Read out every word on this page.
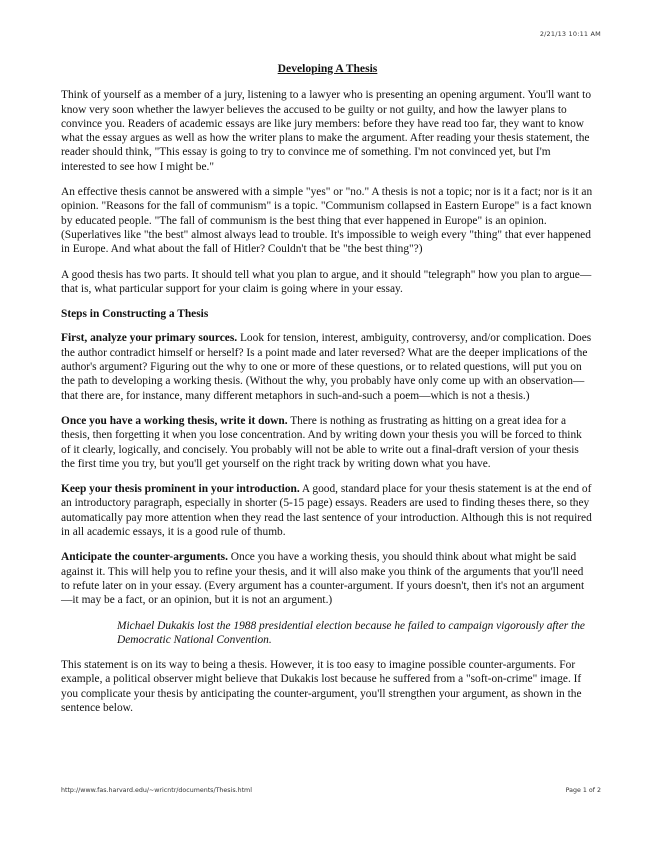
2/21/13 10:11 AM
Developing A Thesis

Think of yourself as a member of a jury, listening to a lawyer who is presenting an opening argument. You'll want to know very soon whether the lawyer believes the accused to be guilty or not guilty, and how the lawyer plans to convince you. Readers of academic essays are like jury members: before they have read too far, they want to know what the essay argues as well as how the writer plans to make the argument. After reading your thesis statement, the reader should think, "This essay is going to try to convince me of something. I'm not convinced yet, but I'm interested to see how I might be."

An effective thesis cannot be answered with a simple "yes" or "no." A thesis is not a topic; nor is it a fact; nor is it an opinion. "Reasons for the fall of communism" is a topic. "Communism collapsed in Eastern Europe" is a fact known by educated people. "The fall of communism is the best thing that ever happened in Europe" is an opinion. (Superlatives like "the best" almost always lead to trouble. It's impossible to weigh every "thing" that ever happened in Europe. And what about the fall of Hitler? Couldn't that be "the best thing"?)

A good thesis has two parts. It should tell what you plan to argue, and it should "telegraph" how you plan to argue—that is, what particular support for your claim is going where in your essay.

Steps in Constructing a Thesis

First, analyze your primary sources. Look for tension, interest, ambiguity, controversy, and/or complication. Does the author contradict himself or herself? Is a point made and later reversed? What are the deeper implications of the author's argument? Figuring out the why to one or more of these questions, or to related questions, will put you on the path to developing a working thesis. (Without the why, you probably have only come up with an observation—that there are, for instance, many different metaphors in such-and-such a poem—which is not a thesis.)

Once you have a working thesis, write it down. There is nothing as frustrating as hitting on a great idea for a thesis, then forgetting it when you lose concentration. And by writing down your thesis you will be forced to think of it clearly, logically, and concisely. You probably will not be able to write out a final-draft version of your thesis the first time you try, but you'll get yourself on the right track by writing down what you have.

Keep your thesis prominent in your introduction. A good, standard place for your thesis statement is at the end of an introductory paragraph, especially in shorter (5-15 page) essays. Readers are used to finding theses there, so they automatically pay more attention when they read the last sentence of your introduction. Although this is not required in all academic essays, it is a good rule of thumb.

Anticipate the counter-arguments. Once you have a working thesis, you should think about what might be said against it. This will help you to refine your thesis, and it will also make you think of the arguments that you'll need to refute later on in your essay. (Every argument has a counter-argument. If yours doesn't, then it's not an argument—it may be a fact, or an opinion, but it is not an argument.)

Michael Dukakis lost the 1988 presidential election because he failed to campaign vigorously after the Democratic National Convention.

This statement is on its way to being a thesis. However, it is too easy to imagine possible counter-arguments. For example, a political observer might believe that Dukakis lost because he suffered from a "soft-on-crime" image. If you complicate your thesis by anticipating the counter-argument, you'll strengthen your argument, as shown in the sentence below.

http://www.fas.harvard.edu/~wricntr/documents/Thesis.html	Page 1 of 2
